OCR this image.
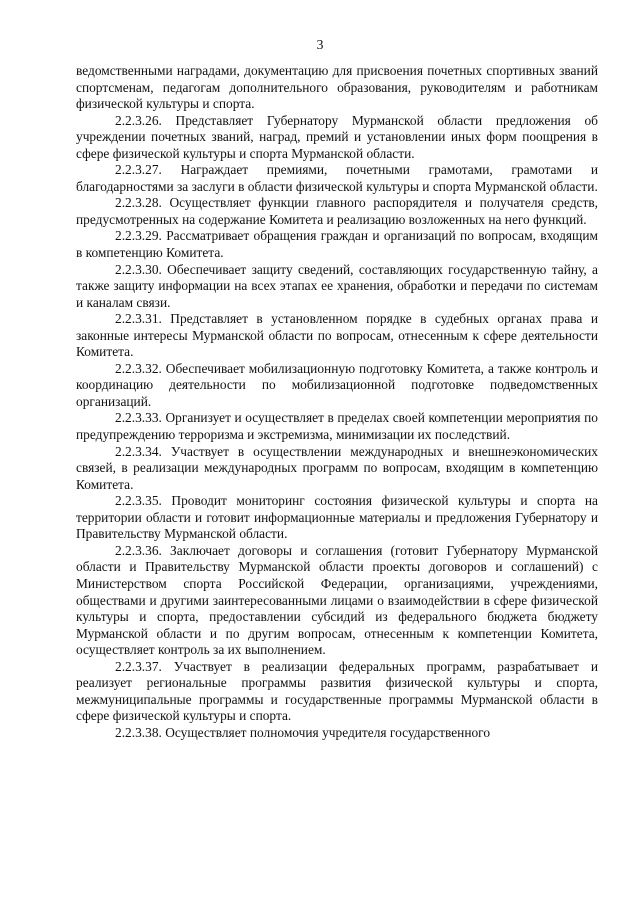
3

ведомственными наградами, документацию для присвоения почетных спортивных званий спортсменам, педагогам дополнительного образования, руководителям и работникам физической культуры и спорта.

2.2.3.26. Представляет Губернатору Мурманской области предложения об учреждении почетных званий, наград, премий и установлении иных форм поощрения в сфере физической культуры и спорта Мурманской области.

2.2.3.27. Награждает премиями, почетными грамотами, грамотами и благодарностями за заслуги в области физической культуры и спорта Мурманской области.

2.2.3.28. Осуществляет функции главного распорядителя и получателя средств, предусмотренных на содержание Комитета и реализацию возложенных на него функций.

2.2.3.29. Рассматривает обращения граждан и организаций по вопросам, входящим в компетенцию Комитета.

2.2.3.30. Обеспечивает защиту сведений, составляющих государственную тайну, а также защиту информации на всех этапах ее хранения, обработки и передачи по системам и каналам связи.

2.2.3.31. Представляет в установленном порядке в судебных органах права и законные интересы Мурманской области по вопросам, отнесенным к сфере деятельности Комитета.

2.2.3.32. Обеспечивает мобилизационную подготовку Комитета, а также контроль и координацию деятельности по мобилизационной подготовке подведомственных организаций.

2.2.3.33. Организует и осуществляет в пределах своей компетенции мероприятия по предупреждению терроризма и экстремизма, минимизации их последствий.

2.2.3.34. Участвует в осуществлении международных и внешнеэкономических связей, в реализации международных программ по вопросам, входящим в компетенцию Комитета.

2.2.3.35. Проводит мониторинг состояния физической культуры и спорта на территории области и готовит информационные материалы и предложения Губернатору и Правительству Мурманской области.

2.2.3.36. Заключает договоры и соглашения (готовит Губернатору Мурманской области и Правительству Мурманской области проекты договоров и соглашений) с Министерством спорта Российской Федерации, организациями, учреждениями, обществами и другими заинтересованными лицами о взаимодействии в сфере физической культуры и спорта, предоставлении субсидий из федерального бюджета бюджету Мурманской области и по другим вопросам, отнесенным к компетенции Комитета, осуществляет контроль за их выполнением.

2.2.3.37. Участвует в реализации федеральных программ, разрабатывает и реализует региональные программы развития физической культуры и спорта, межмуниципальные программы и государственные программы Мурманской области в сфере физической культуры и спорта.

2.2.3.38. Осуществляет полномочия учредителя государственного
